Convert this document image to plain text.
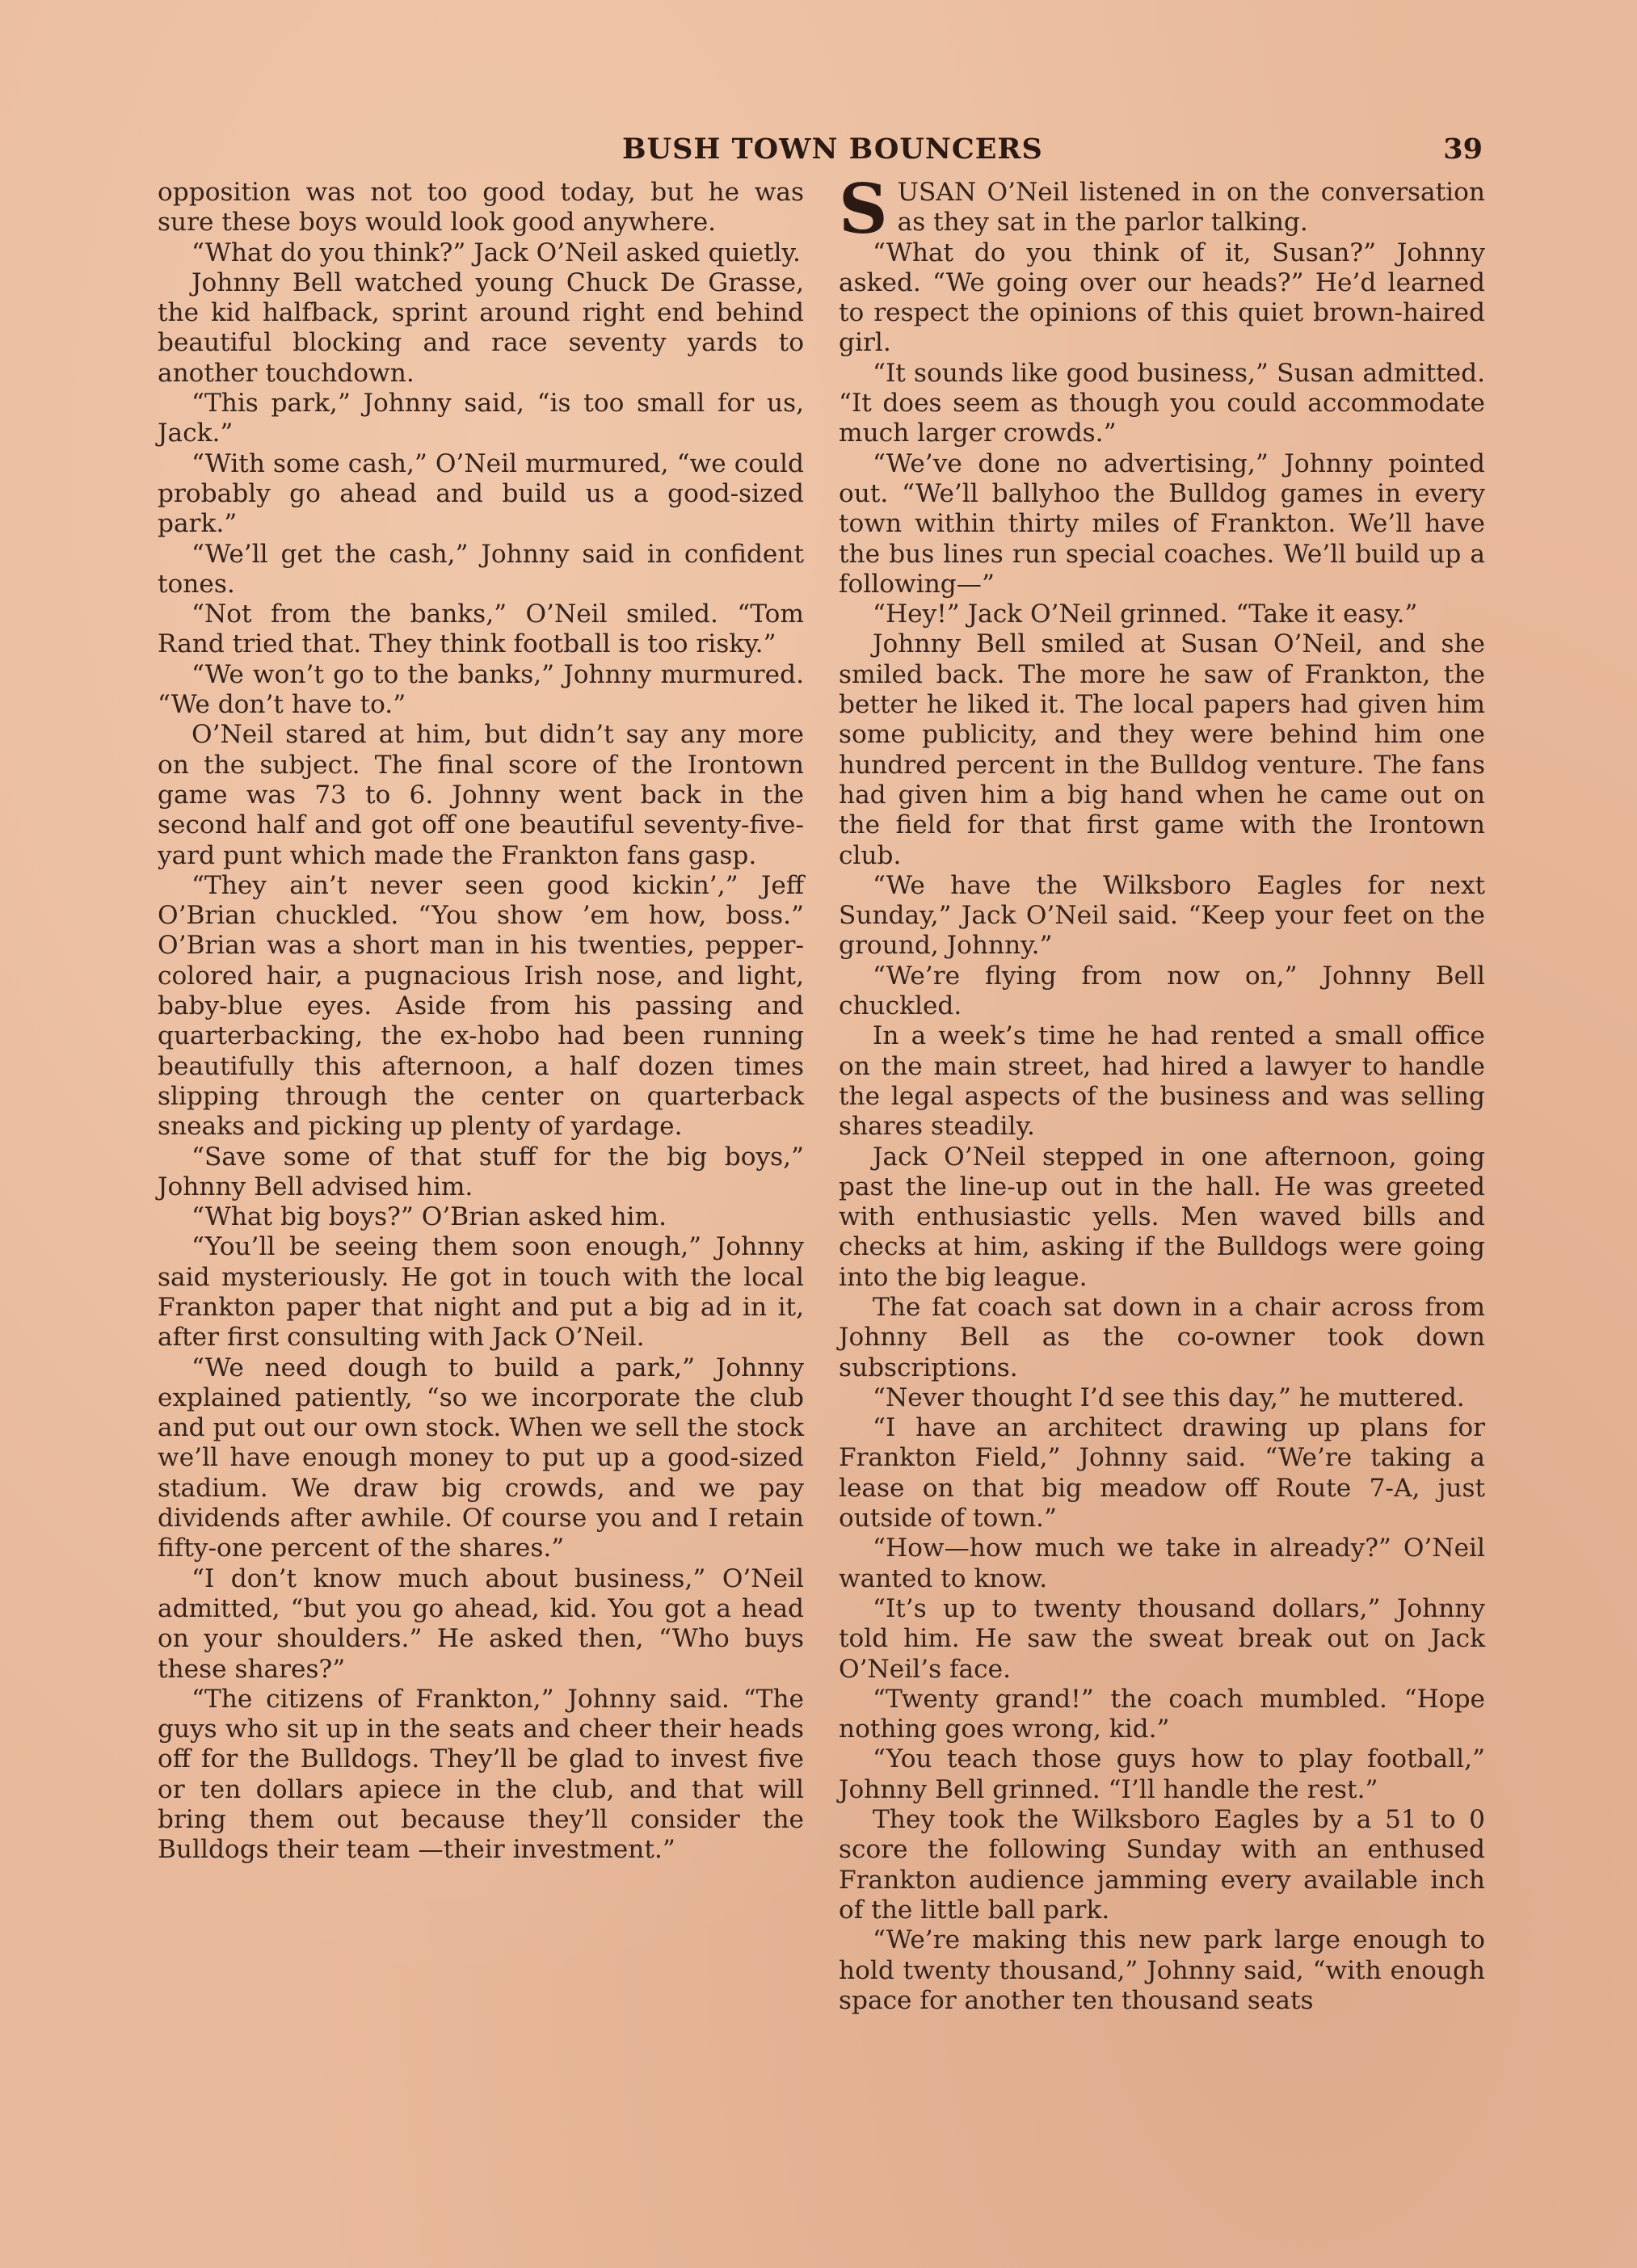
BUSH TOWN BOUNCERS	39

opposition was not too good today, but he was sure these boys would look good anywhere.

“What do you think?” Jack O’Neil asked quietly.

Johnny Bell watched young Chuck De Grasse, the kid halfback, sprint around right end behind beautiful blocking and race seventy yards to another touchdown.

“This park,” Johnny said, “is too small for us, Jack.”

“With some cash,” O’Neil murmured, “we could probably go ahead and build us a good-sized park.”

“We’ll get the cash,” Johnny said in confident tones.

“Not from the banks,” O’Neil smiled. “Tom Rand tried that. They think football is too risky.”

“We won’t go to the banks,” Johnny murmured. “We don’t have to.”

O’Neil stared at him, but didn’t say any more on the subject. The final score of the Irontown game was 73 to 6. Johnny went back in the second half and got off one beautiful seventy-five-yard punt which made the Frankton fans gasp.

“They ain’t never seen good kickin’,” Jeff O’Brian chuckled. “You show ’em how, boss.” O’Brian was a short man in his twenties, pepper-colored hair, a pugnacious Irish nose, and light, baby-blue eyes. Aside from his passing and quarterbacking, the ex-hobo had been running beautifully this afternoon, a half dozen times slipping through the center on quarterback sneaks and picking up plenty of yardage.

“Save some of that stuff for the big boys,” Johnny Bell advised him.

“What big boys?” O’Brian asked him.

“You’ll be seeing them soon enough,” Johnny said mysteriously. He got in touch with the local Frankton paper that night and put a big ad in it, after first consulting with Jack O’Neil.

“We need dough to build a park,” Johnny explained patiently, “so we incorporate the club and put out our own stock. When we sell the stock we’ll have enough money to put up a good-sized stadium. We draw big crowds, and we pay dividends after awhile. Of course you and I retain fifty-one percent of the shares.”

“I don’t know much about business,” O’Neil admitted, “but you go ahead, kid. You got a head on your shoulders.” He asked then, “Who buys these shares?”

“The citizens of Frankton,” Johnny said. “The guys who sit up in the seats and cheer their heads off for the Bulldogs. They’ll be glad to invest five or ten dollars apiece in the club, and that will bring them out because they’ll consider the Bulldogs their team —their investment.”

SUSAN O’Neil listened in on the conversation as they sat in the parlor talking.

“What do you think of it, Susan?” Johnny asked. “We going over our heads?” He’d learned to respect the opinions of this quiet brown-haired girl.

“It sounds like good business,” Susan admitted. “It does seem as though you could accommodate much larger crowds.”

“We’ve done no advertising,” Johnny pointed out. “We’ll ballyhoo the Bulldog games in every town within thirty miles of Frankton. We’ll have the bus lines run special coaches. We’ll build up a following—”

“Hey!” Jack O’Neil grinned. “Take it easy.”

Johnny Bell smiled at Susan O’Neil, and she smiled back. The more he saw of Frankton, the better he liked it. The local papers had given him some publicity, and they were behind him one hundred percent in the Bulldog venture. The fans had given him a big hand when he came out on the field for that first game with the Irontown club.

“We have the Wilksboro Eagles for next Sunday,” Jack O’Neil said. “Keep your feet on the ground, Johnny.”

“We’re flying from now on,” Johnny Bell chuckled.

In a week’s time he had rented a small office on the main street, had hired a lawyer to handle the legal aspects of the business and was selling shares steadily.

Jack O’Neil stepped in one afternoon, going past the line-up out in the hall. He was greeted with enthusiastic yells. Men waved bills and checks at him, asking if the Bulldogs were going into the big league.

The fat coach sat down in a chair across from Johnny Bell as the co-owner took down subscriptions.

“Never thought I’d see this day,” he muttered.

“I have an architect drawing up plans for Frankton Field,” Johnny said. “We’re taking a lease on that big meadow off Route 7-A, just outside of town.”

“How—how much we take in already?” O’Neil wanted to know.

“It’s up to twenty thousand dollars,” Johnny told him. He saw the sweat break out on Jack O’Neil’s face.

“Twenty grand!” the coach mumbled. “Hope nothing goes wrong, kid.”

“You teach those guys how to play football,” Johnny Bell grinned. “I’ll handle the rest.”

They took the Wilksboro Eagles by a 51 to 0 score the following Sunday with an enthused Frankton audience jamming every available inch of the little ball park.

“We’re making this new park large enough to hold twenty thousand,” Johnny said, “with enough space for another ten thousand seats
